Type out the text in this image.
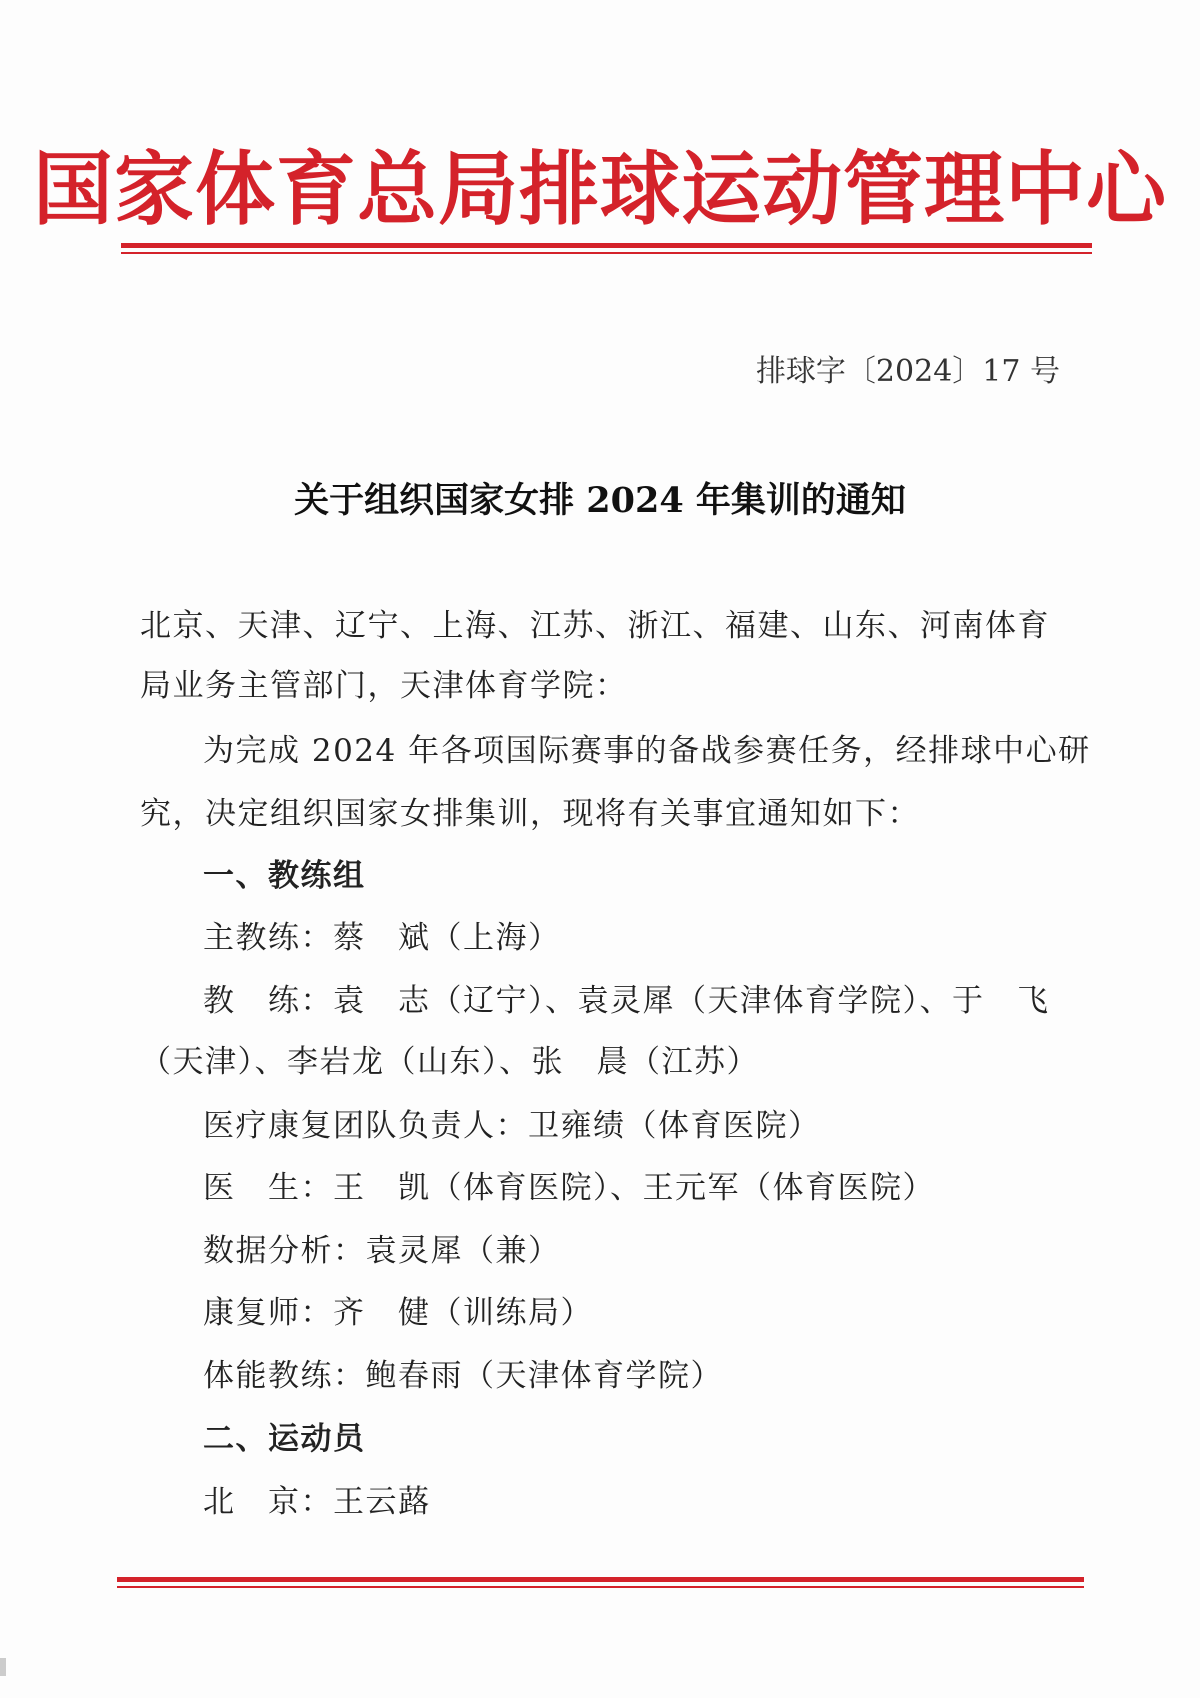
国家体育总局排球运动管理中心
排球字〔2024〕17 号
关于组织国家女排 2024 年集训的通知
北京、天津、辽宁、上海、江苏、浙江、福建、山东、河南体育
局业务主管部门，天津体育学院：
为完成 2024 年各项国际赛事的备战参赛任务，经排球中心研
究，决定组织国家女排集训，现将有关事宜通知如下：
一、教练组
主教练：蔡　斌（上海）
教　练：袁　志（辽宁）、袁灵犀（天津体育学院）、于　飞
（天津）、李岩龙（山东）、张　晨（江苏）
医疗康复团队负责人：卫雍绩（体育医院）
医　生：王　凯（体育医院）、王元军（体育医院）
数据分析：袁灵犀（兼）
康复师：齐　健（训练局）
体能教练：鲍春雨（天津体育学院）
二、运动员
北　京：王云蕗
